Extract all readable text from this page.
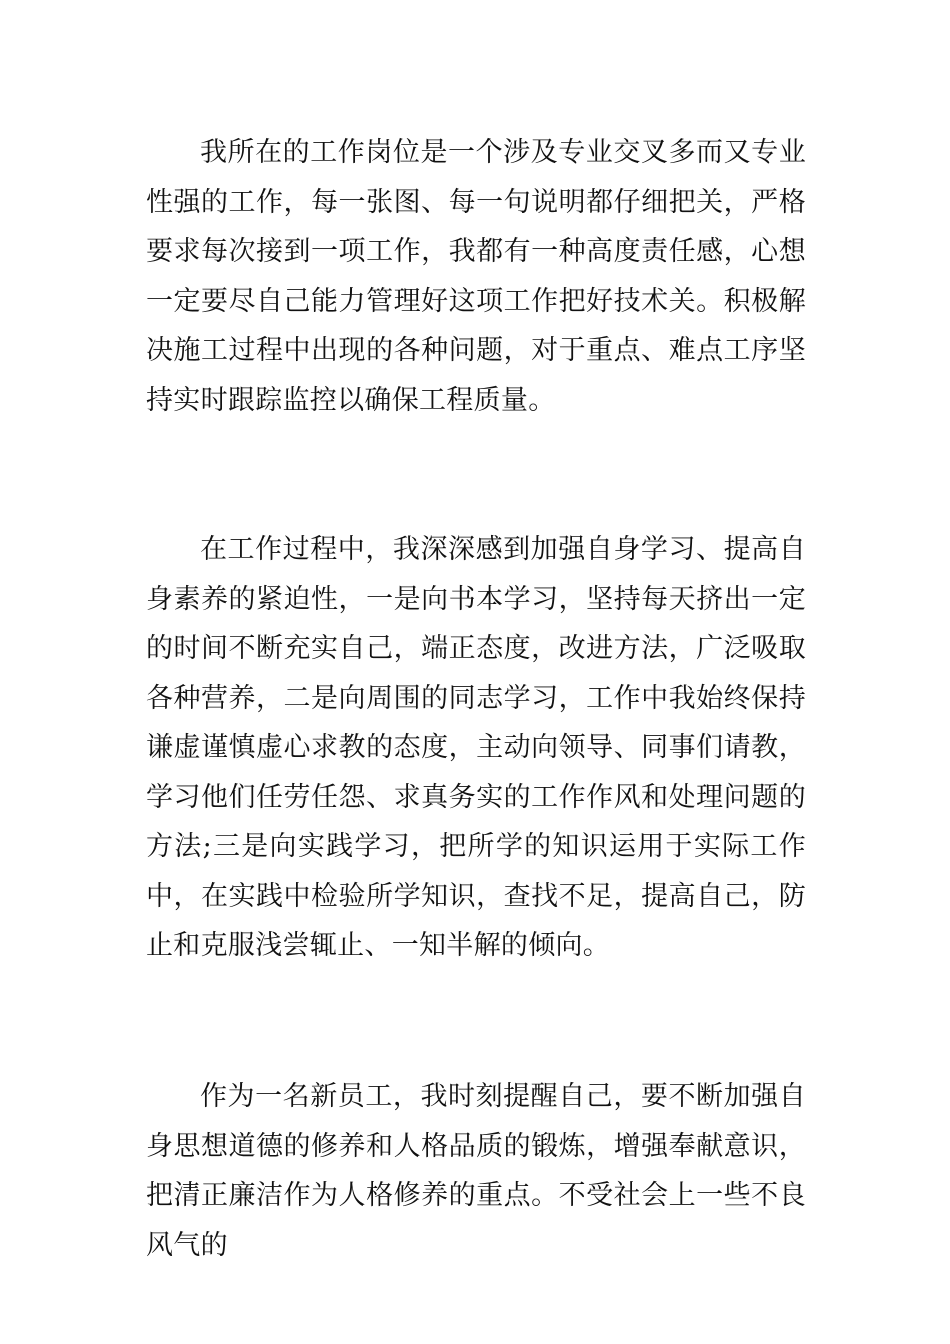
我所在的工作岗位是一个涉及专业交叉多而又专业性强的工作，每一张图、每一句说明都仔细把关，严格要求每次接到一项工作，我都有一种高度责任感，心想一定要尽自己能力管理好这项工作把好技术关。积极解决施工过程中出现的各种问题，对于重点、难点工序坚持实时跟踪监控以确保工程质量。

在工作过程中，我深深感到加强自身学习、提高自身素养的紧迫性，一是向书本学习，坚持每天挤出一定的时间不断充实自己，端正态度，改进方法，广泛吸取各种营养，二是向周围的同志学习，工作中我始终保持谦虚谨慎虚心求教的态度，主动向领导、同事们请教，学习他们任劳任怨、求真务实的工作作风和处理问题的方法;三是向实践学习，把所学的知识运用于实际工作中，在实践中检验所学知识，查找不足，提高自己，防止和克服浅尝辄止、一知半解的倾向。

作为一名新员工，我时刻提醒自己，要不断加强自身思想道德的修养和人格品质的锻炼，增强奉献意识，把清正廉洁作为人格修养的重点。不受社会上一些不良风气的
